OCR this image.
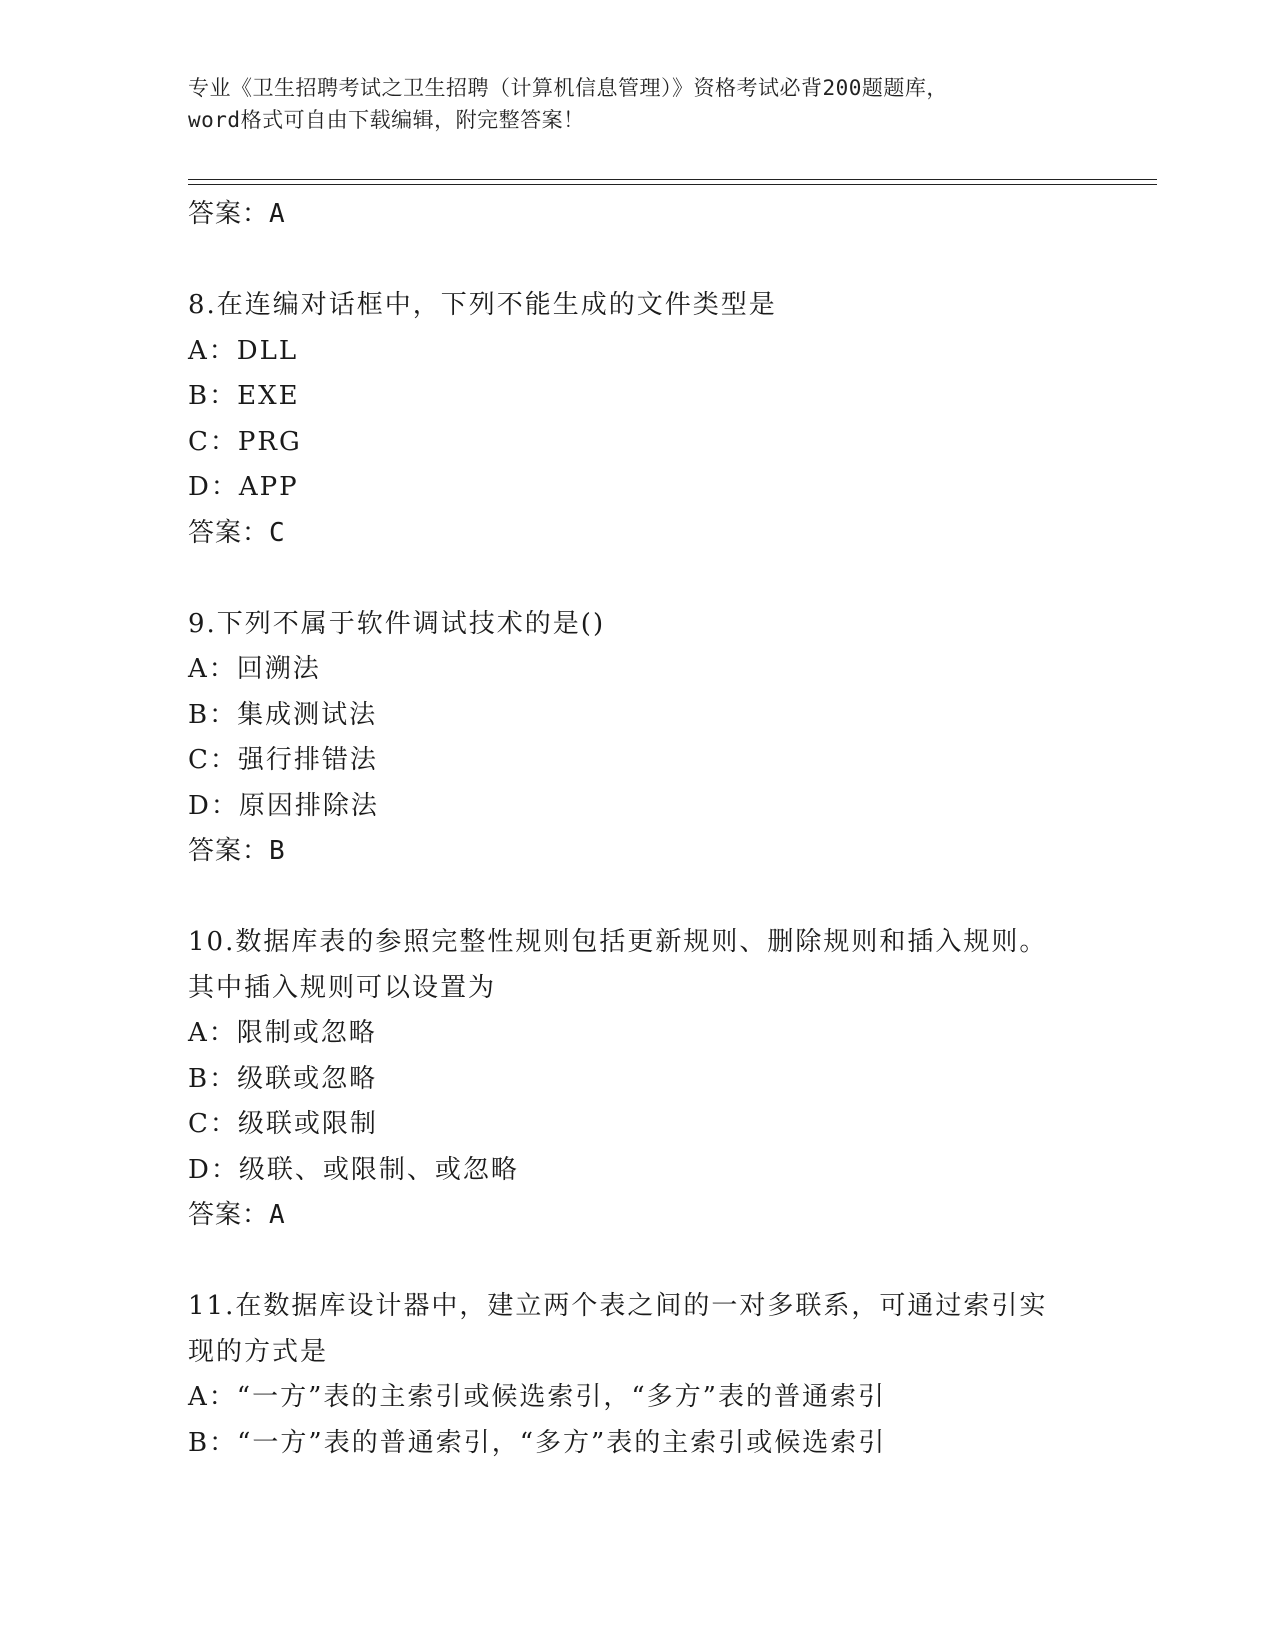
专业《卫生招聘考试之卫生招聘（计算机信息管理）》资格考试必背200题题库，
word格式可自由下载编辑，附完整答案！
答案：A
8.在连编对话框中，下列不能生成的文件类型是
A：DLL
B：EXE
C：PRG
D：APP
答案：C
9.下列不属于软件调试技术的是()
A：回溯法
B：集成测试法
C：强行排错法
D：原因排除法
答案：B
10.数据库表的参照完整性规则包括更新规则、删除规则和插入规则。
其中插入规则可以设置为
A：限制或忽略
B：级联或忽略
C：级联或限制
D：级联、或限制、或忽略
答案：A
11.在数据库设计器中，建立两个表之间的一对多联系，可通过索引实
现的方式是
A：“一方”表的主索引或候选索引，“多方”表的普通索引
B：“一方”表的普通索引，“多方”表的主索引或候选索引
